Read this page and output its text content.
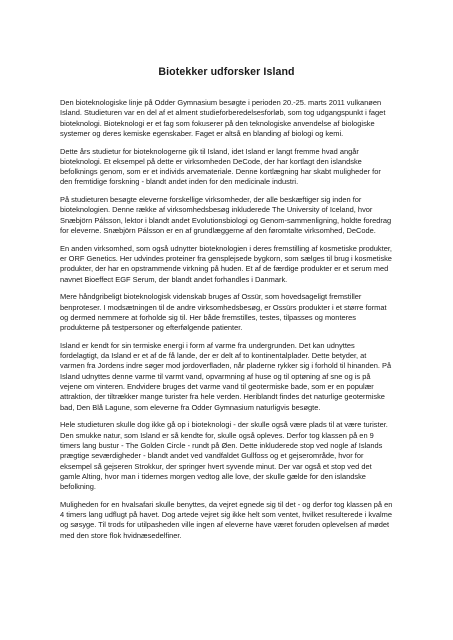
Biotekker udforsker Island

Den bioteknologiske linje på Odder Gymnasium besøgte i perioden 20.-25. marts 2011 vulkanøen Island. Studieturen var en del af et alment studieforberedelsesforløb, som tog udgangspunkt i faget bioteknologi. Bioteknologi er et fag som fokuserer på den teknologiske anvendelse af biologiske systemer og deres kemiske egenskaber. Faget er altså en blanding af biologi og kemi.

Dette års studietur for bioteknologerne gik til Island, idet Island er langt fremme hvad angår bioteknologi. Et eksempel på dette er virksomheden DeCode, der har kortlagt den islandske befolknings genom, som er et individs arvemateriale. Denne kortlægning har skabt muligheder for den fremtidige forskning - blandt andet inden for den medicinale industri.

På studieturen besøgte eleverne forskellige virksomheder, der alle beskæftiger sig inden for bioteknologien. Denne række af virksomhedsbesøg inkluderede The University of Iceland, hvor Snæbjörn Pálsson, lektor i blandt andet Evolutionsbiologi og Genom-sammenligning, holdte foredrag for eleverne. Snæbjörn Pálsson er en af grundlæggerne af den føromtalte virksomhed, DeCode.

En anden virksomhed, som også udnytter bioteknologien i deres fremstilling af kosmetiske produkter, er ORF Genetics. Her udvindes proteiner fra gensplejsede bygkorn, som sælges til brug i kosmetiske produkter, der har en opstrammende virkning på huden. Et af de færdige produkter er et serum med navnet Bioeffect EGF Serum, der blandt andet forhandles i Danmark.

Mere håndgribeligt bioteknologisk videnskab bruges af Ossür, som hovedsageligt fremstiller benproteser. I modsætningen til de andre virksomhedsbesøg, er Ossürs produkter i et større format og dermed nemmere at forholde sig til. Her både fremstilles, testes, tilpasses og monteres produkterne på testpersoner og efterfølgende patienter.

Island er kendt for sin termiske energi i form af varme fra undergrunden. Det kan udnyttes fordelagtigt, da Island er et af de få lande, der er delt af to kontinentalplader. Dette betyder, at varmen fra Jordens indre søger mod jordoverfladen, når pladerne rykker sig i forhold til hinanden. På Island udnyttes denne varme til varmt vand, opvarmning af huse og til optøning af sne og is på vejene om vinteren. Endvidere bruges det varme vand til geotermiske bade, som er en populær attraktion, der tiltrækker mange turister fra hele verden. Heriblandt findes det naturlige geotermiske bad, Den Blå Lagune, som eleverne fra Odder Gymnasium naturligvis besøgte.

Hele studieturen skulle dog ikke gå op i bioteknologi - der skulle også være plads til at være turister. Den smukke natur, som Island er så kendte for, skulle også opleves. Derfor tog klassen på en 9 timers lang bustur - The Golden Circle - rundt på Øen. Dette inkluderede stop ved nogle af Islands prægtige seværdigheder - blandt andet ved vandfaldet Gullfoss og et gejserområde, hvor for eksempel så gejseren Strokkur, der springer hvert syvende minut. Der var også et stop ved det gamle Alting, hvor man i tidernes morgen vedtog alle love, der skulle gælde for den islandske befolkning.

Muligheden for en hvalsafari skulle benyttes, da vejret egnede sig til det - og derfor tog klassen på en 4 timers lang udflugt på havet. Dog artede vejret sig ikke helt som ventet, hvilket resulterede i kvalme og søsyge. Til trods for utilpasheden ville ingen af eleverne have været foruden oplevelsen af mødet med den store flok hvidnæsedelfiner.
